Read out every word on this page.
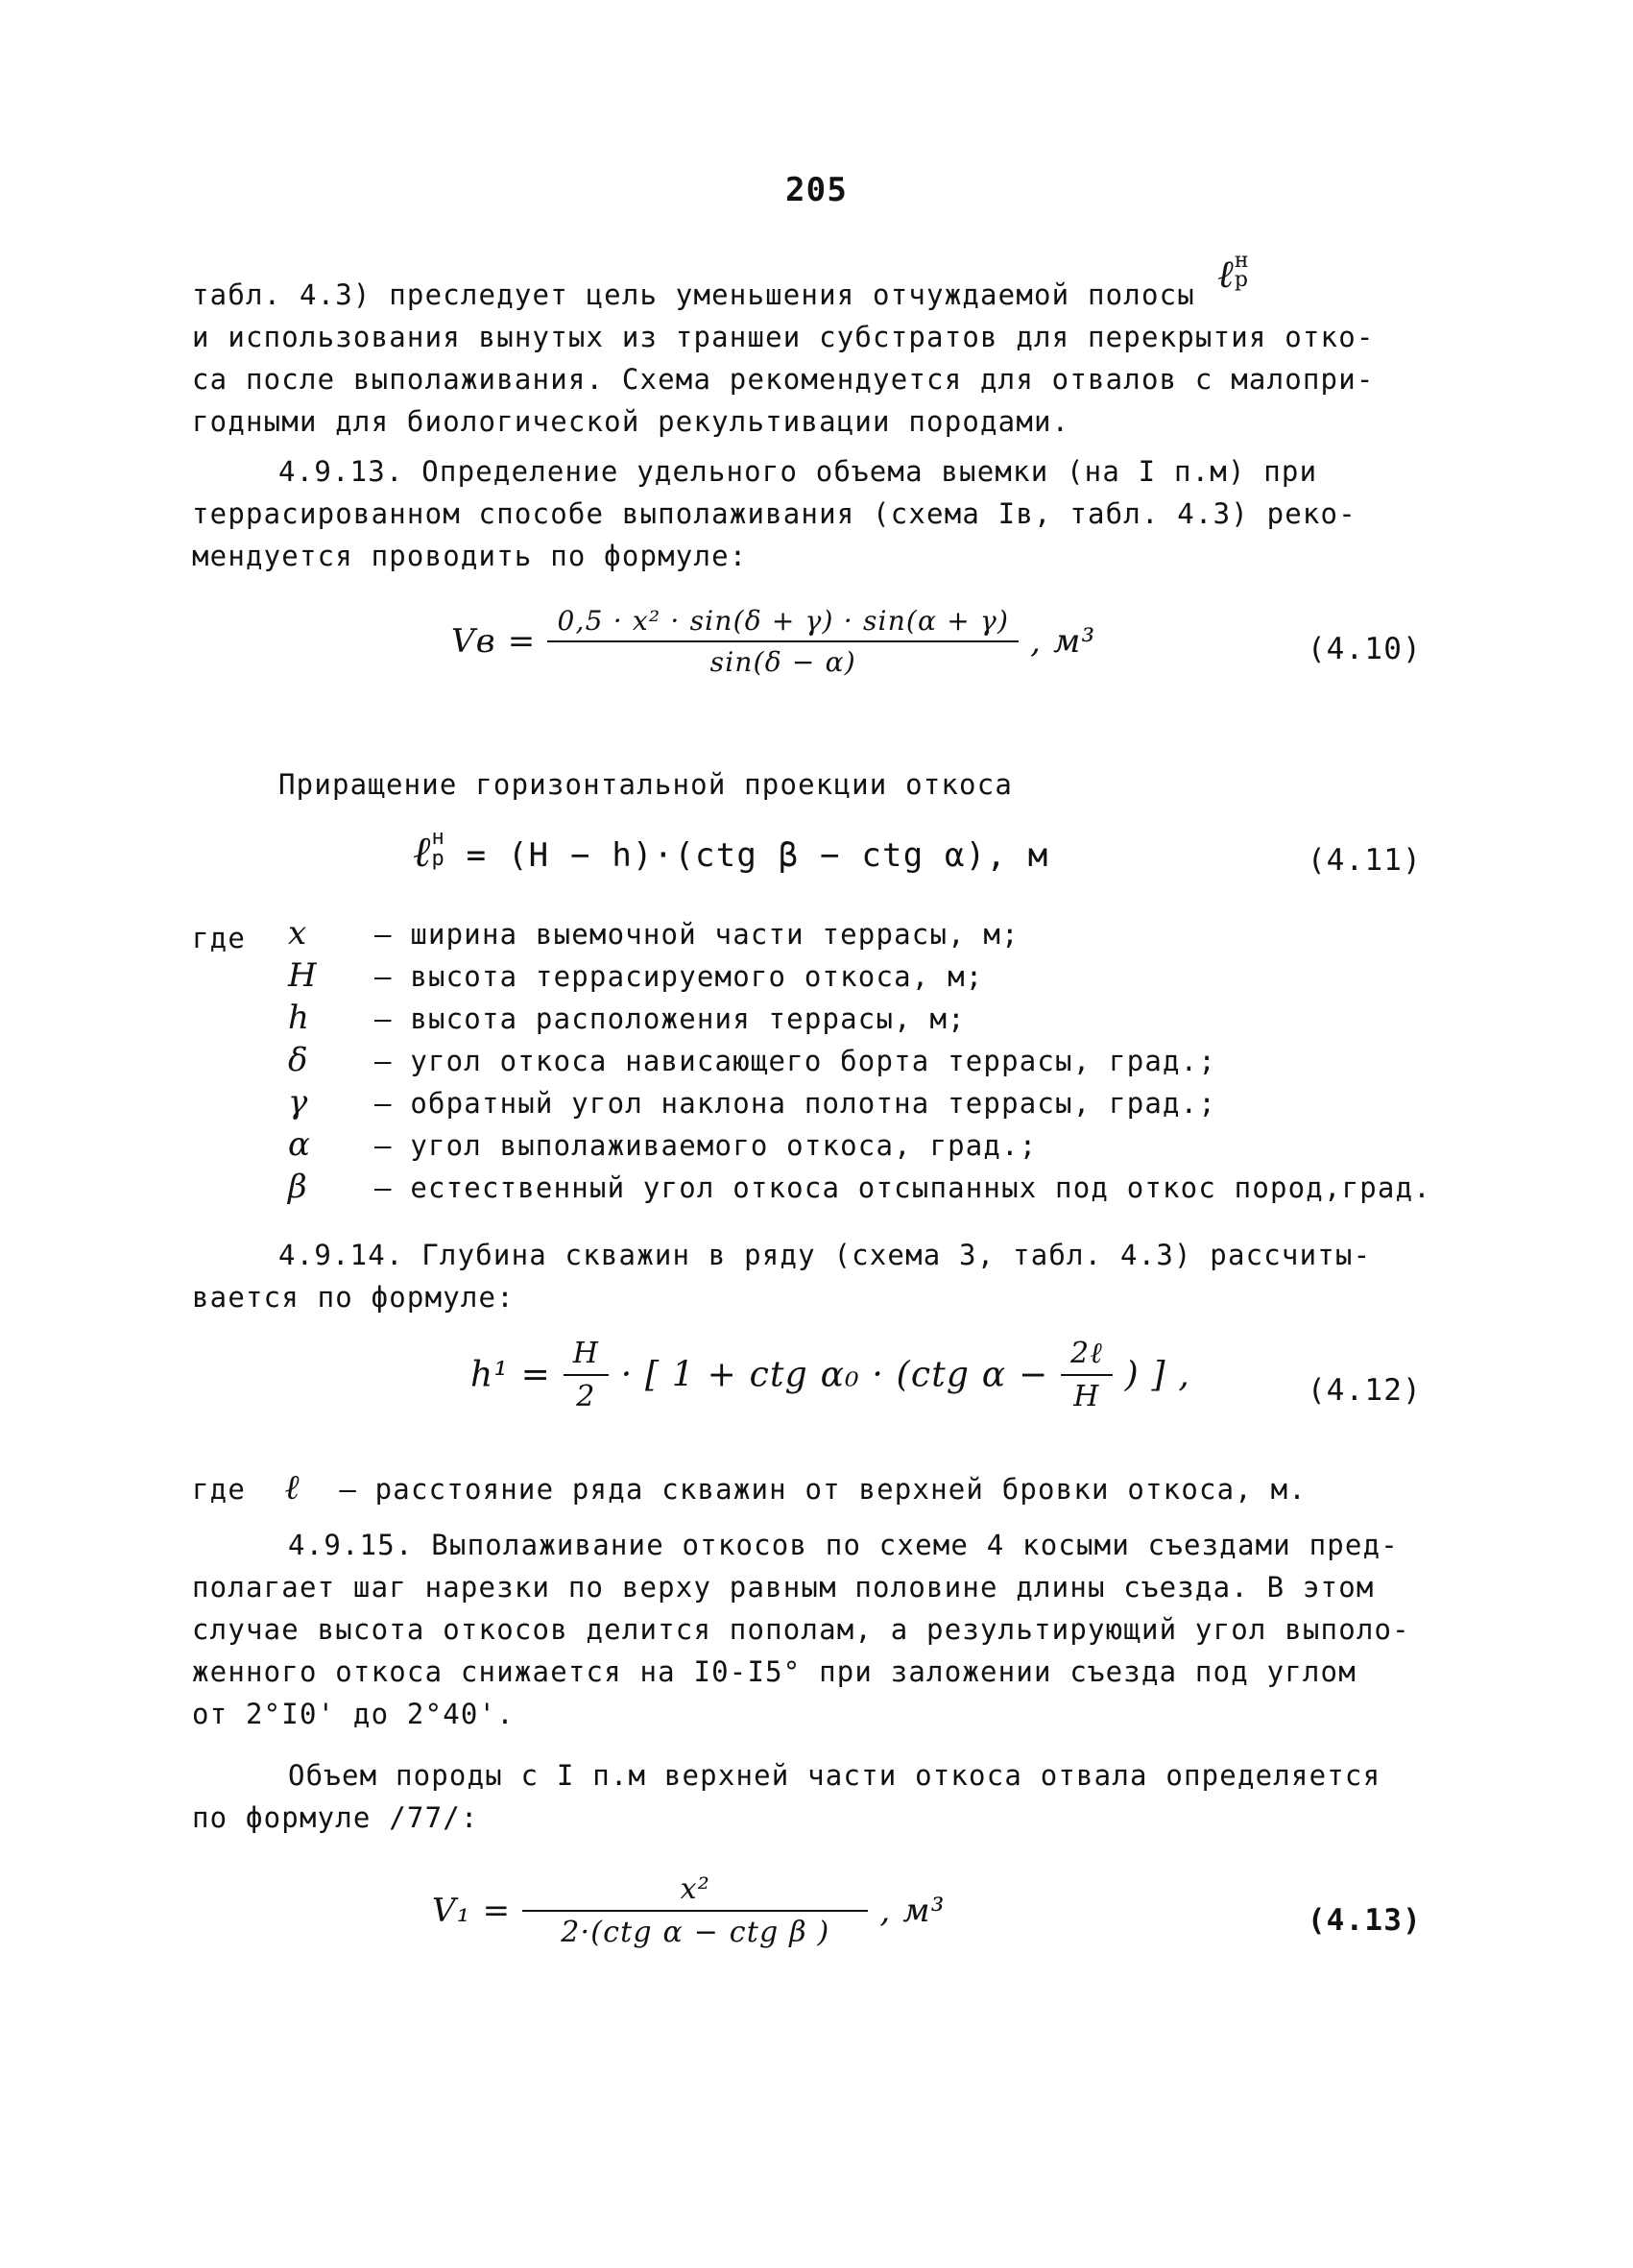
205
табл. 4.3) преследует цель уменьшения отчуждаемой полосы ℓн
р
и использования вынутых из траншеи субстратов для перекрытия отко-
са после выполаживания. Схема рекомендуется для отвалов с малопри-
годными для биологической рекультивации породами.
4.9.13. Определение удельного объема выемки (на I п.м) при
террасированном способе выполаживания (схема Iв, табл. 4.3) реко-
мендуется проводить по формуле:
Vв = $\frac{\text{0,5 · x² · sin(δ + γ) · sin(α + γ)}}{\sin(\delta - \alpha)}$ , м³	(4.10)
Приращение горизонтальной проекции откоса
ℓн
р = (H − h)·(ctg β − ctg α), м	(4.11)
где x – ширина выемочной части террасы, м;
H – высота террасируемого откоса, м;
h – высота расположения террасы, м;
δ – угол откоса нависающего борта террасы, град.;
γ – обратный угол наклона полотна террасы, град.;
α – угол выполаживаемого откоса, град.;
β – естественный угол откоса отсыпанных под откос пород,град.
4.9.14. Глубина скважин в ряду (схема 3, табл. 4.3) рассчиты-
вается по формуле:
$h^1 = \frac{H}{2}$ · [ 1 + ctg α₀ · (ctg $\alpha - \frac{\text{2ℓ}}{H}$ ) ] ,	(4.12)
где ℓ – расстояние ряда скважин от верхней бровки откоса, м.
4.9.15. Выполаживание откосов по схеме 4 косыми съездами пред-
полагает шаг нарезки по верху равным половине длины съезда. В этом
случае высота откосов делится пополам, а результирующий угол выполо-
женного откоса снижается на I0-I5° при заложении съезда под углом
от 2°I0' до 2°40'.
Объем породы с I п.м верхней части откоса отвала определяется
по формуле /77/:
$V_1 = \frac{\text{x²}}{\text{2·(ctg α − ctg β )}}$ , м³	(4.13)
